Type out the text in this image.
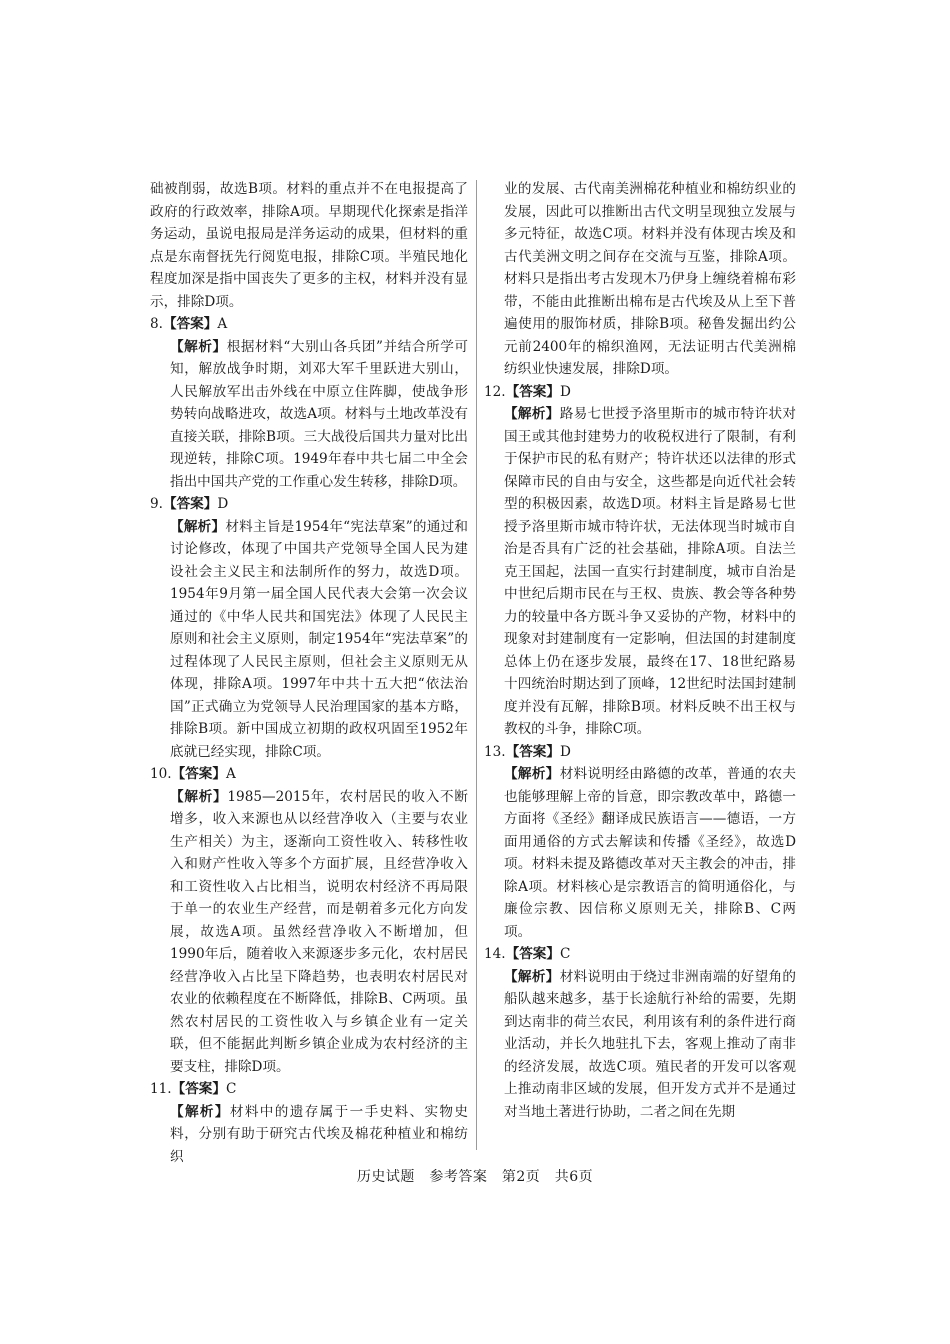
础被削弱，故选B项。材料的重点并不在电报提高了政府的行政效率，排除A项。早期现代化探索是指洋务运动，虽说电报局是洋务运动的成果，但材料的重点是东南督抚先行阅览电报，排除C项。半殖民地化程度加深是指中国丧失了更多的主权，材料并没有显示，排除D项。

8.【答案】A

【解析】根据材料“大别山各兵团”并结合所学可知，解放战争时期，刘邓大军千里跃进大别山，人民解放军出击外线在中原立住阵脚，使战争形势转向战略进攻，故选A项。材料与土地改革没有直接关联，排除B项。三大战役后国共力量对比出现逆转，排除C项。1949年春中共七届二中全会指出中国共产党的工作重心发生转移，排除D项。

9.【答案】D

【解析】材料主旨是1954年“宪法草案”的通过和讨论修改，体现了中国共产党领导全国人民为建设社会主义民主和法制所作的努力，故选D项。1954年9月第一届全国人民代表大会第一次会议通过的《中华人民共和国宪法》体现了人民民主原则和社会主义原则，制定1954年“宪法草案”的过程体现了人民民主原则，但社会主义原则无从体现，排除A项。1997年中共十五大把“依法治国”正式确立为党领导人民治理国家的基本方略，排除B项。新中国成立初期的政权巩固至1952年底就已经实现，排除C项。

10.【答案】A

【解析】1985—2015年，农村居民的收入不断增多，收入来源也从以经营净收入（主要与农业生产相关）为主，逐渐向工资性收入、转移性收入和财产性收入等多个方面扩展，且经营净收入和工资性收入占比相当，说明农村经济不再局限于单一的农业生产经营，而是朝着多元化方向发展，故选A项。虽然经营净收入不断增加，但1990年后，随着收入来源逐步多元化，农村居民经营净收入占比呈下降趋势，也表明农村居民对农业的依赖程度在不断降低，排除B、C两项。虽然农村居民的工资性收入与乡镇企业有一定关联，但不能据此判断乡镇企业成为农村经济的主要支柱，排除D项。

11.【答案】C

【解析】材料中的遗存属于一手史料、实物史料，分别有助于研究古代埃及棉花种植业和棉纺织

业的发展、古代南美洲棉花种植业和棉纺织业的发展，因此可以推断出古代文明呈现独立发展与多元特征，故选C项。材料并没有体现古埃及和古代美洲文明之间存在交流与互鉴，排除A项。材料只是指出考古发现木乃伊身上缠绕着棉布彩带，不能由此推断出棉布是古代埃及从上至下普遍使用的服饰材质，排除B项。秘鲁发掘出约公元前2400年的棉织渔网，无法证明古代美洲棉纺织业快速发展，排除D项。

12.【答案】D

【解析】路易七世授予洛里斯市的城市特许状对国王或其他封建势力的收税权进行了限制，有利于保护市民的私有财产；特许状还以法律的形式保障市民的自由与安全，这些都是向近代社会转型的积极因素，故选D项。材料主旨是路易七世授予洛里斯市城市特许状，无法体现当时城市自治是否具有广泛的社会基础，排除A项。自法兰克王国起，法国一直实行封建制度，城市自治是中世纪后期市民在与王权、贵族、教会等各种势力的较量中各方既斗争又妥协的产物，材料中的现象对封建制度有一定影响，但法国的封建制度总体上仍在逐步发展，最终在17、18世纪路易十四统治时期达到了顶峰，12世纪时法国封建制度并没有瓦解，排除B项。材料反映不出王权与教权的斗争，排除C项。

13.【答案】D

【解析】材料说明经由路德的改革，普通的农夫也能够理解上帝的旨意，即宗教改革中，路德一方面将《圣经》翻译成民族语言——德语，一方面用通俗的方式去解读和传播《圣经》，故选D项。材料未提及路德改革对天主教会的冲击，排除A项。材料核心是宗教语言的简明通俗化，与廉俭宗教、因信称义原则无关，排除B、C两项。

14.【答案】C

【解析】材料说明由于绕过非洲南端的好望角的船队越来越多，基于长途航行补给的需要，先期到达南非的荷兰农民，利用该有利的条件进行商业活动，并长久地驻扎下去，客观上推动了南非的经济发展，故选C项。殖民者的开发可以客观上推动南非区域的发展，但开发方式并不是通过对当地土著进行协助，二者之间在先期

历史试题　参考答案　第2页　共6页
